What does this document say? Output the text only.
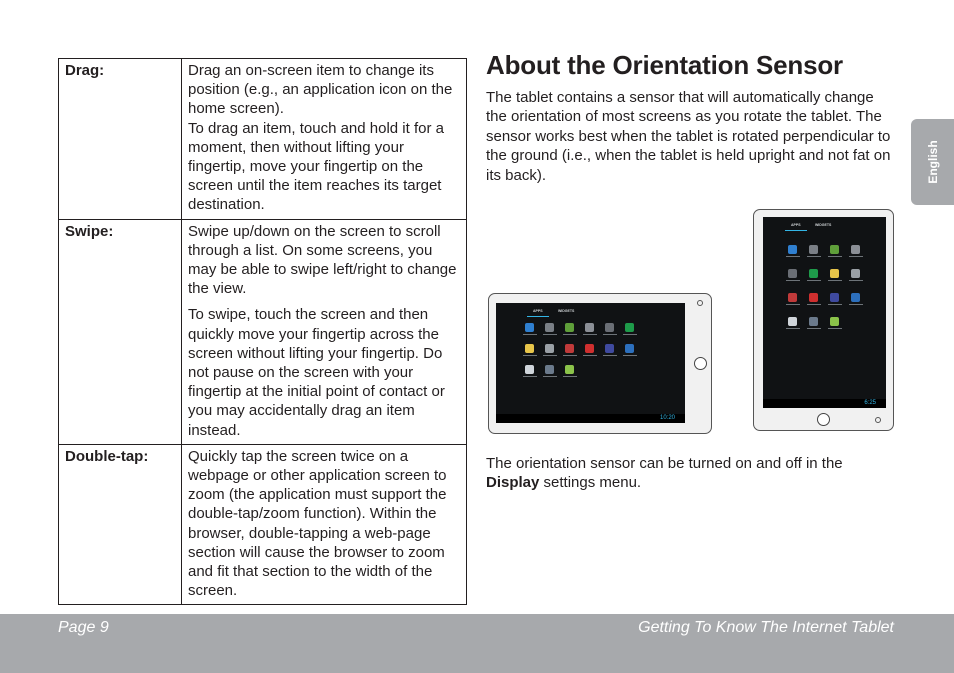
Drag:	Drag an on-screen item to change its position (e.g., an application icon on the home screen).
To drag an item, touch and hold it for a moment, then without lifting your fingertip, move your fingertip on the screen until the item reaches its target destination.

Swipe:	Swipe up/down on the screen to scroll through a list. On some screens, you may be able to swipe left/right to change the view.

To swipe, touch the screen and then quickly move your fingertip across the screen without lifting your fingertip. Do not pause on the screen with your fingertip at the initial point of contact or you may accidentally drag an item instead.

Double-tap:	Quickly tap the screen twice on a webpage or other application screen to zoom (the application must support the double-tap/zoom function). Within the browser, double-tapping a web-page section will cause the browser to zoom and fit that section to the width of the screen.

About the Orientation Sensor

The tablet contains a sensor that will automatically change the orientation of most screens as you rotate the tablet. The sensor works best when the tablet is rotated perpendicular to the ground (i.e., when the tablet is held upright and not fat on its back).

APPS	WIDGETS
10:20
APPS	WIDGETS
6:25

The orientation sensor can be turned on and off in the Display settings menu.

English
Page 9	Getting To Know The Internet Tablet
